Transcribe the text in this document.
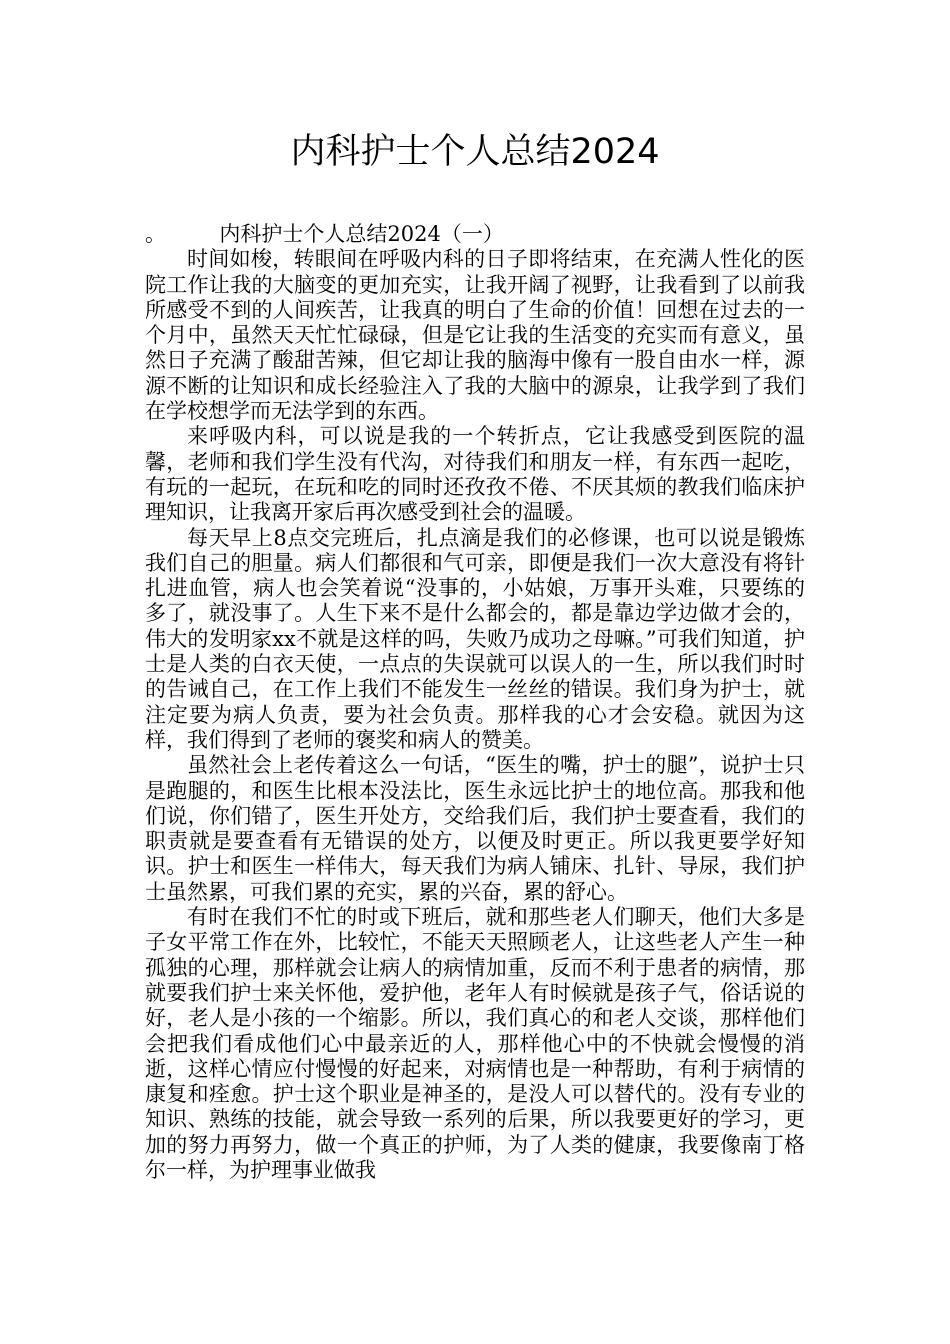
内科护士个人总结2024

。        内科护士个人总结2024（一）

时间如梭，转眼间在呼吸内科的日子即将结束，在充满人性化的医院工作让我的大脑变的更加充实，让我开阔了视野，让我看到了以前我所感受不到的人间疾苦，让我真的明白了生命的价值！回想在过去的一个月中，虽然天天忙忙碌碌，但是它让我的生活变的充实而有意义，虽然日子充满了酸甜苦辣，但它却让我的脑海中像有一股自由水一样，源源不断的让知识和成长经验注入了我的大脑中的源泉，让我学到了我们在学校想学而无法学到的东西。

来呼吸内科，可以说是我的一个转折点，它让我感受到医院的温馨，老师和我们学生没有代沟，对待我们和朋友一样，有东西一起吃，有玩的一起玩，在玩和吃的同时还孜孜不倦、不厌其烦的教我们临床护理知识，让我离开家后再次感受到社会的温暖。

每天早上8点交完班后，扎点滴是我们的必修课，也可以说是锻炼我们自己的胆量。病人们都很和气可亲，即便是我们一次大意没有将针扎进血管，病人也会笑着说“没事的，小姑娘，万事开头难，只要练的多了，就没事了。人生下来不是什么都会的，都是靠边学边做才会的，伟大的发明家xx不就是这样的吗，失败乃成功之母嘛。”可我们知道，护士是人类的白衣天使，一点点的失误就可以误人的一生，所以我们时时的告诫自己，在工作上我们不能发生一丝丝的错误。我们身为护士，就注定要为病人负责，要为社会负责。那样我的心才会安稳。就因为这样，我们得到了老师的褒奖和病人的赞美。

虽然社会上老传着这么一句话，“医生的嘴，护士的腿”，说护士只是跑腿的，和医生比根本没法比，医生永远比护士的地位高。那我和他们说，你们错了，医生开处方，交给我们后，我们护士要查看，我们的职责就是要查看有无错误的处方，以便及时更正。所以我更要学好知识。护士和医生一样伟大，每天我们为病人铺床、扎针、导尿，我们护士虽然累，可我们累的充实，累的兴奋，累的舒心。

有时在我们不忙的时或下班后，就和那些老人们聊天，他们大多是子女平常工作在外，比较忙，不能天天照顾老人，让这些老人产生一种孤独的心理，那样就会让病人的病情加重，反而不利于患者的病情，那就要我们护士来关怀他，爱护他，老年人有时候就是孩子气，俗话说的好，老人是小孩的一个缩影。所以，我们真心的和老人交谈，那样他们会把我们看成他们心中最亲近的人，那样他心中的不快就会慢慢的消逝，这样心情应付慢慢的好起来，对病情也是一种帮助，有利于病情的康复和痊愈。护士这个职业是神圣的，是没人可以替代的。没有专业的知识、熟练的技能，就会导致一系列的后果，所以我要更好的学习，更加的努力再努力，做一个真正的护师，为了人类的健康，我要像南丁格尔一样，为护理事业做我
